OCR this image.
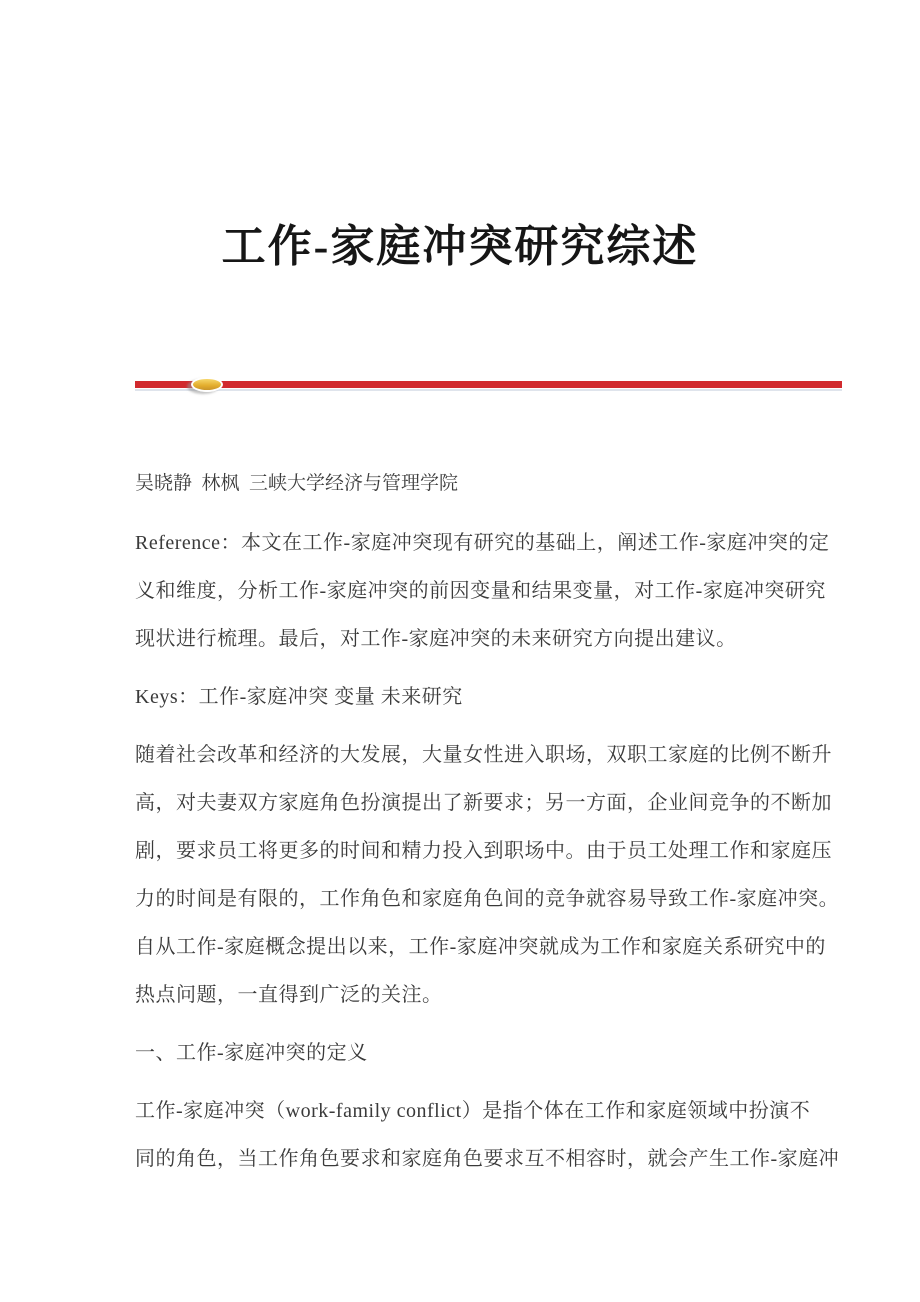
工作-家庭冲突研究综述
吴晓静  林枫  三峡大学经济与管理学院
Reference：本文在工作-家庭冲突现有研究的基础上，阐述工作-家庭冲突的定
义和维度，分析工作-家庭冲突的前因变量和结果变量，对工作-家庭冲突研究
现状进行梳理。最后，对工作-家庭冲突的未来研究方向提出建议。
Keys：工作-家庭冲突 变量 未来研究
随着社会改革和经济的大发展，大量女性进入职场，双职工家庭的比例不断升
高，对夫妻双方家庭角色扮演提出了新要求；另一方面，企业间竞争的不断加
剧，要求员工将更多的时间和精力投入到职场中。由于员工处理工作和家庭压
力的时间是有限的，工作角色和家庭角色间的竞争就容易导致工作-家庭冲突。
自从工作-家庭概念提出以来，工作-家庭冲突就成为工作和家庭关系研究中的
热点问题，一直得到广泛的关注。
一、工作-家庭冲突的定义
工作-家庭冲突（work-family conflict）是指个体在工作和家庭领域中扮演不
同的角色，当工作角色要求和家庭角色要求互不相容时，就会产生工作-家庭冲
